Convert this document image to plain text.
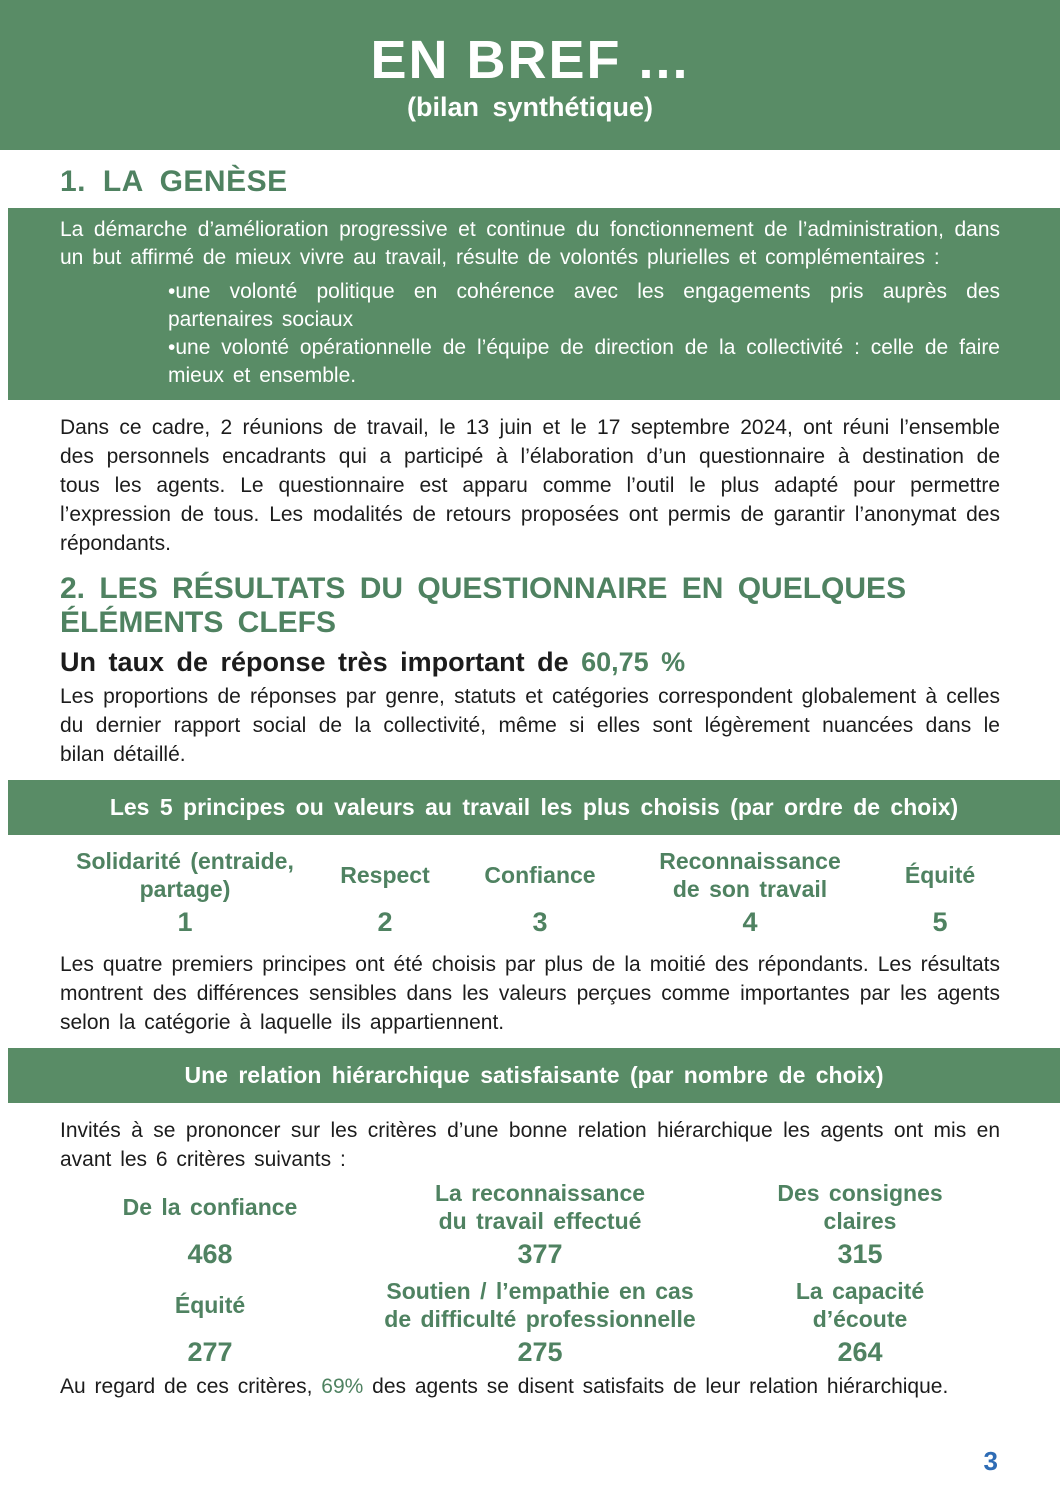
EN BREF ...
(bilan synthétique)
1. LA GENÈSE

La démarche d’amélioration progressive et continue du fonctionnement de l’administration, dans un but affirmé de mieux vivre au travail, résulte de volontés plurielles et complémentaires :

•une volonté politique en cohérence avec les engagements pris auprès des partenaires sociaux

•une volonté opérationnelle de l’équipe de direction de la collectivité : celle de faire mieux et ensemble.

Dans ce cadre, 2 réunions de travail, le 13 juin et le 17 septembre 2024, ont réuni l’ensemble des personnels encadrants qui a participé à l’élaboration d’un questionnaire à destination de tous les agents. Le questionnaire est apparu comme l’outil le plus adapté pour permettre l’expression de tous. Les modalités de retours proposées ont permis de garantir l’anonymat des répondants.

2. LES RÉSULTATS DU QUESTIONNAIRE EN QUELQUES ÉLÉMENTS CLEFS

Un taux de réponse très important de 60,75 %

Les proportions de réponses par genre, statuts et catégories correspondent globalement à celles du dernier rapport social de la collectivité, même si elles sont légèrement nuancées dans le bilan détaillé.

Les 5 principes ou valeurs au travail les plus choisis (par ordre de choix)
Solidarité (entraide, partage)
1
Respect
2
Confiance
3
Reconnaissance de son travail
4
Équité
5

Les quatre premiers principes ont été choisis par plus de la moitié des répondants. Les résultats montrent des différences sensibles dans les valeurs perçues comme importantes par les agents selon la catégorie à laquelle ils appartiennent.

Une relation hiérarchique satisfaisante (par nombre de choix)

Invités à se prononcer sur les critères d’une bonne relation hiérarchique les agents ont mis en avant les 6 critères suivants :

De la confiance
468
La reconnaissance du travail effectué
377
Des consignes claires
315
Équité
277
Soutien / l’empathie en cas de difficulté professionnelle
275
La capacité d’écoute
264

Au regard de ces critères, 69% des agents se disent satisfaits de leur relation hiérarchique.

3
